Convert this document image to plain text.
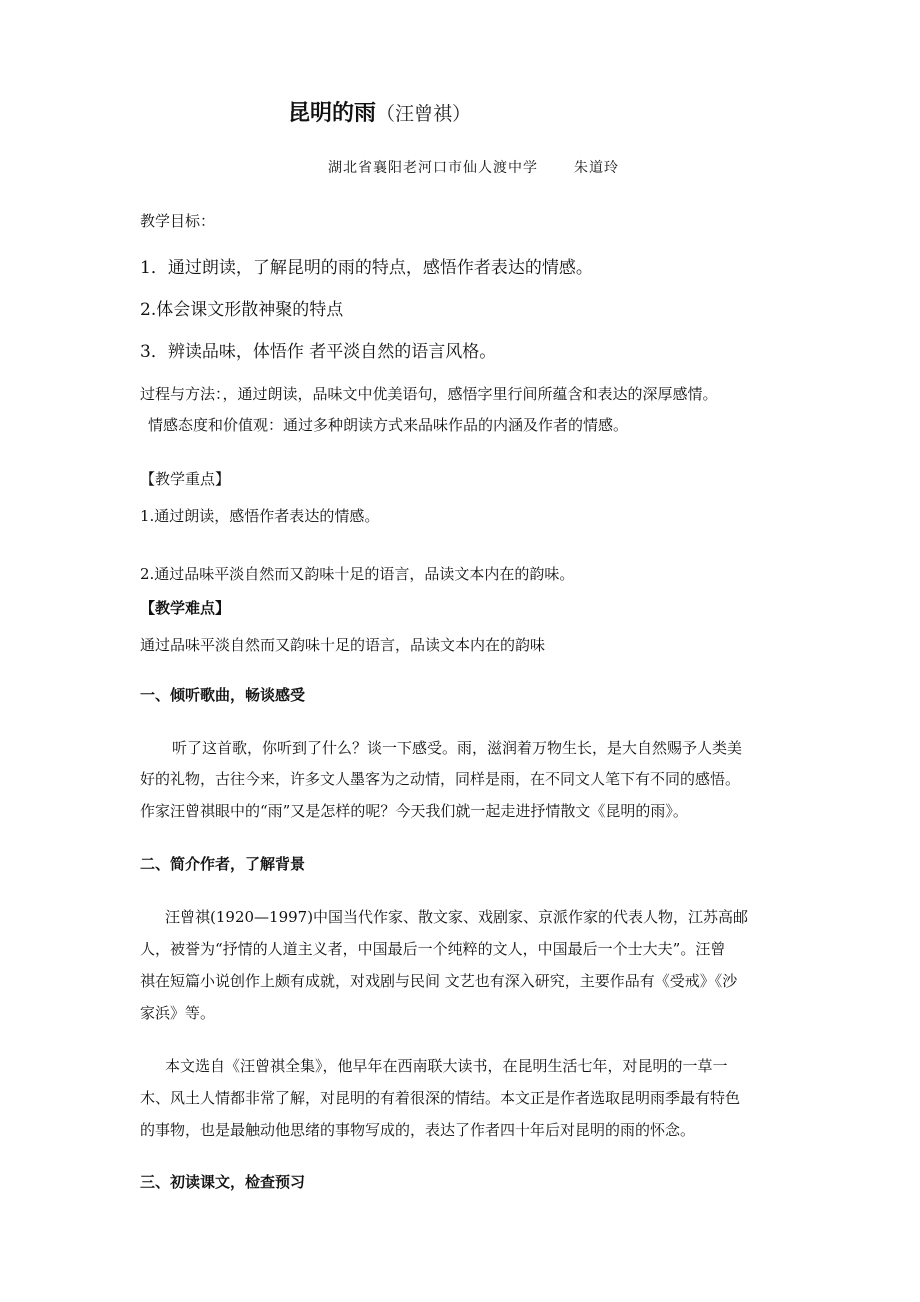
昆明的雨（汪曾祺）
湖北省襄阳老河口市仙人渡中学	朱道玲
教学目标：
1．通过朗读，了解昆明的雨的特点，感悟作者表达的情感。
2.体会课文形散神聚的特点
3．辨读品味，体悟作 者平淡自然的语言风格。
过程与方法：，通过朗读，品味文中优美语句，感悟字里行间所蕴含和表达的深厚感情。
情感态度和价值观：通过多种朗读方式来品味作品的内涵及作者的情感。
【教学重点】
1.通过朗读，感悟作者表达的情感。
2.通过品味平淡自然而又韵味十足的语言，品读文本内在的韵味。
【教学难点】
通过品味平淡自然而又韵味十足的语言，品读文本内在的韵味
一、倾听歌曲，畅谈感受
听了这首歌，你听到了什么？谈一下感受。雨，滋润着万物生长，是大自然赐予人类美
好的礼物，古往今来，许多文人墨客为之动情，同样是雨，在不同文人笔下有不同的感悟。
作家汪曾祺眼中的“雨”又是怎样的呢？今天我们就一起走进抒情散文《昆明的雨》。
二、简介作者，了解背景
汪曾祺(1920—1997)中国当代作家、散文家、戏剧家、京派作家的代表人物，江苏高邮
人，被誉为“抒情的人道主义者，中国最后一个纯粹的文人，中国最后一个士大夫”。汪曾
祺在短篇小说创作上颇有成就，对戏剧与民间 文艺也有深入研究，主要作品有《受戒》《沙
家浜》等。
本文选自《汪曾祺全集》，他早年在西南联大读书，在昆明生活七年，对昆明的一草一
木、风土人情都非常了解，对昆明的有着很深的情结。本文正是作者选取昆明雨季最有特色
的事物，也是最触动他思绪的事物写成的，表达了作者四十年后对昆明的雨的怀念。
三、初读课文，检查预习
